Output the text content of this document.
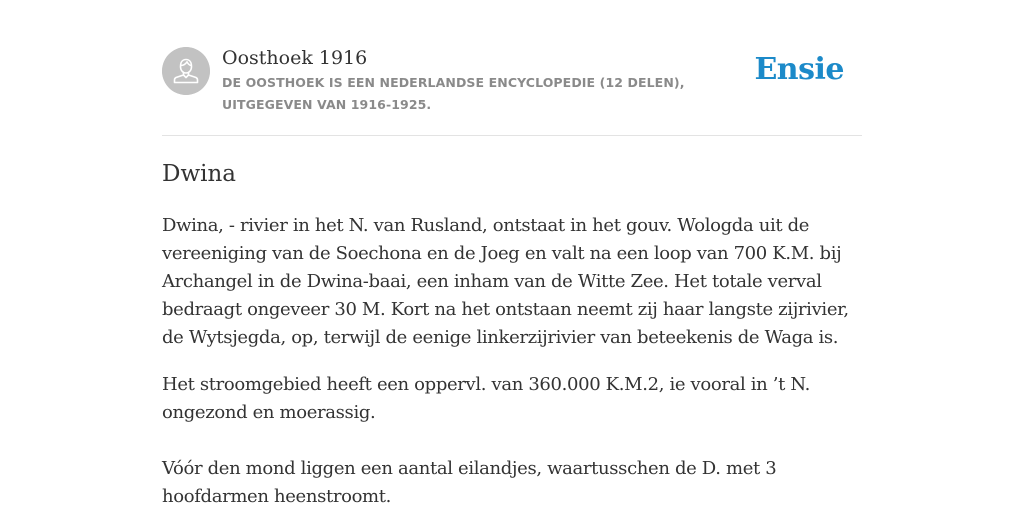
Oosthoek 1916
DE OOSTHOEK IS EEN NEDERLANDSE ENCYCLOPEDIE (12 DELEN), UITGEGEVEN VAN 1916-1925.
Ensie
Dwina

Dwina, - rivier in het N. van Rusland, ontstaat in het gouv. Wologda uit de vereeniging van de Soechona en de Joeg en valt na een loop van 700 K.M. bij Archangel in de Dwina-baai, een inham van de Witte Zee. Het totale verval bedraagt ongeveer 30 M. Kort na het ontstaan neemt zij haar langste zijrivier, de Wytsjegda, op, terwijl de eenige linkerzijrivier van beteekenis de Waga is.

Het stroomgebied heeft een oppervl. van 360.000 K.M.2, ie vooral in ’t N. ongezond en moerassig.

Vóór den mond liggen een aantal eilandjes, waartusschen de D. met 3 hoofdarmen heenstroomt.
